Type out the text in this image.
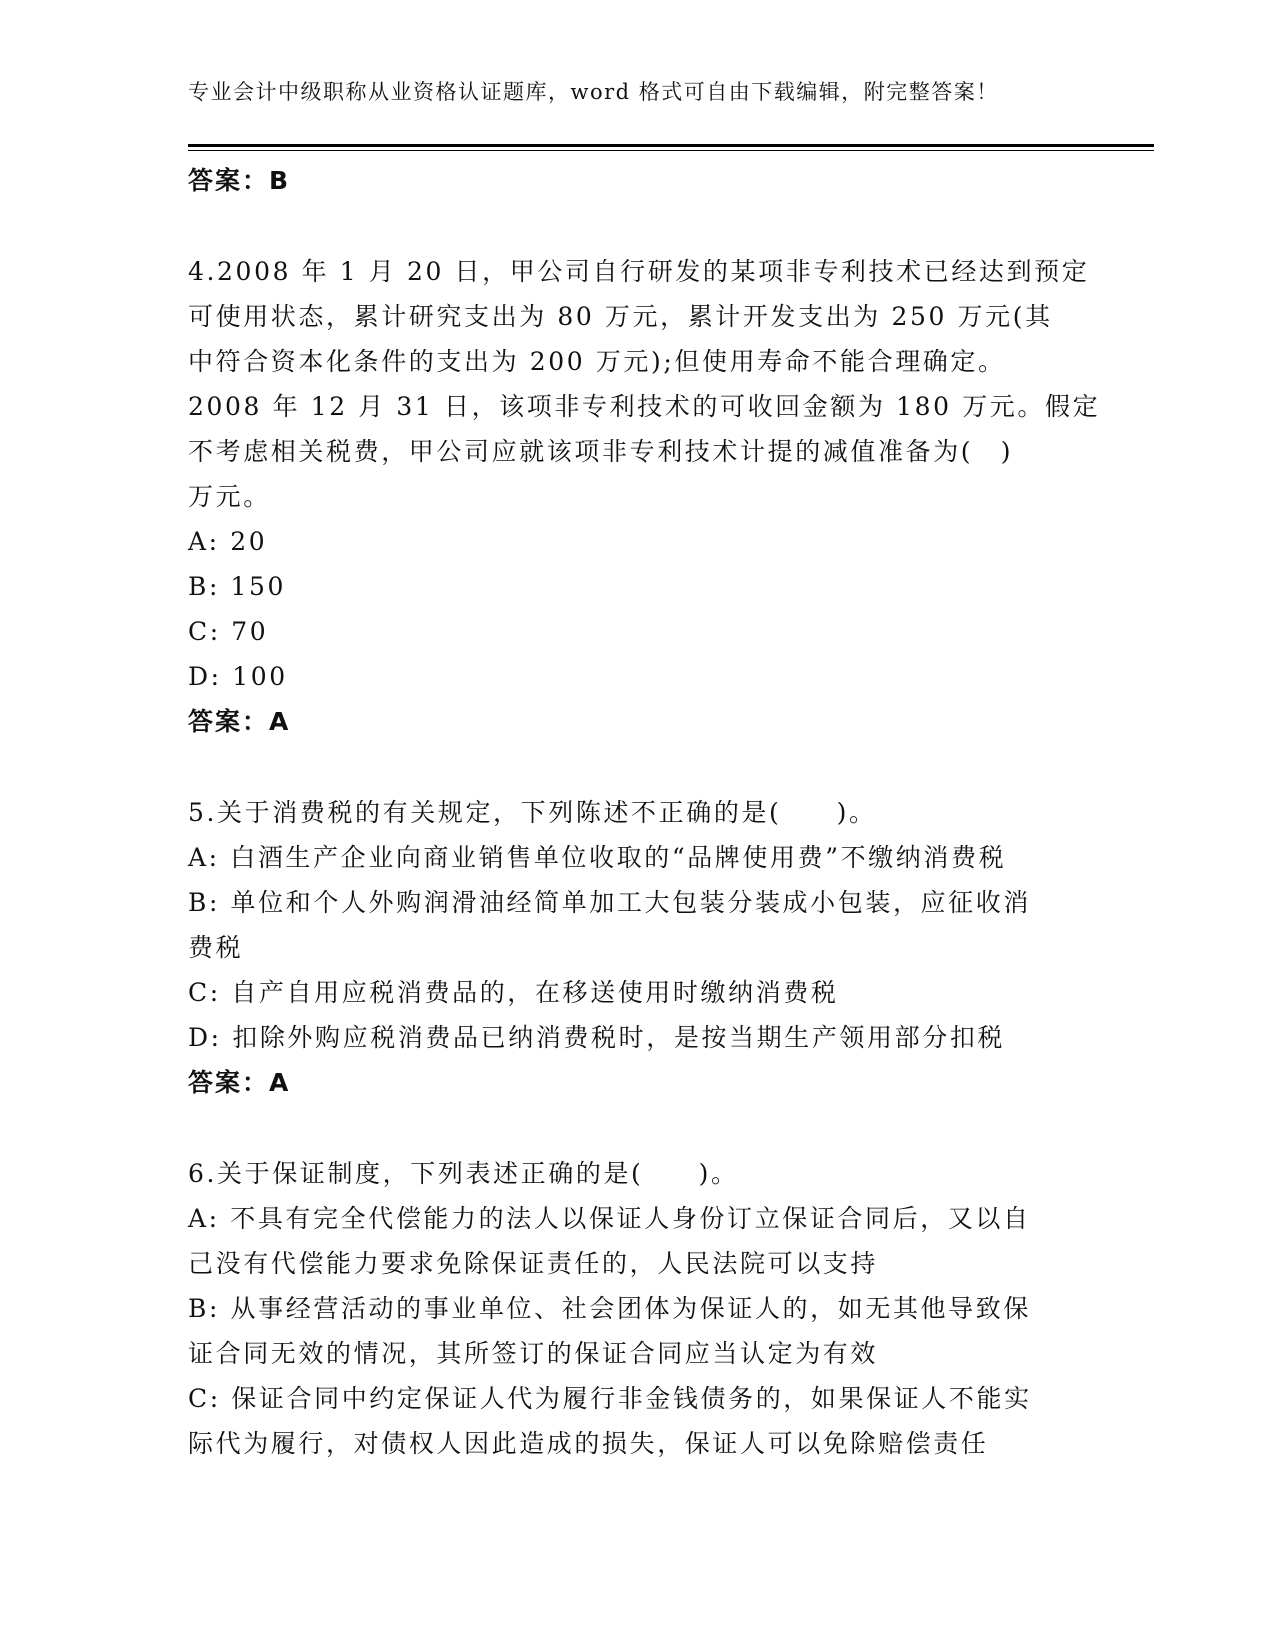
专业会计中级职称从业资格认证题库，word 格式可自由下载编辑，附完整答案！
答案：B
4.2008 年 1 月 20 日，甲公司自行研发的某项非专利技术已经达到预定
可使用状态，累计研究支出为 80 万元，累计开发支出为 250 万元(其
中符合资本化条件的支出为 200 万元);但使用寿命不能合理确定。
2008 年 12 月 31 日，该项非专利技术的可收回金额为 180 万元。假定
不考虑相关税费，甲公司应就该项非专利技术计提的减值准备为(　)
万元。
A: 20
B: 150
C: 70
D: 100
答案：A
5.关于消费税的有关规定，下列陈述不正确的是(　　)。
A: 白酒生产企业向商业销售单位收取的“品牌使用费”不缴纳消费税
B: 单位和个人外购润滑油经简单加工大包装分装成小包装，应征收消
费税
C: 自产自用应税消费品的，在移送使用时缴纳消费税
D: 扣除外购应税消费品已纳消费税时，是按当期生产领用部分扣税
答案：A
6.关于保证制度，下列表述正确的是(　　)。
A: 不具有完全代偿能力的法人以保证人身份订立保证合同后，又以自
己没有代偿能力要求免除保证责任的，人民法院可以支持
B: 从事经营活动的事业单位、社会团体为保证人的，如无其他导致保
证合同无效的情况，其所签订的保证合同应当认定为有效
C: 保证合同中约定保证人代为履行非金钱债务的，如果保证人不能实
际代为履行，对债权人因此造成的损失，保证人可以免除赔偿责任
